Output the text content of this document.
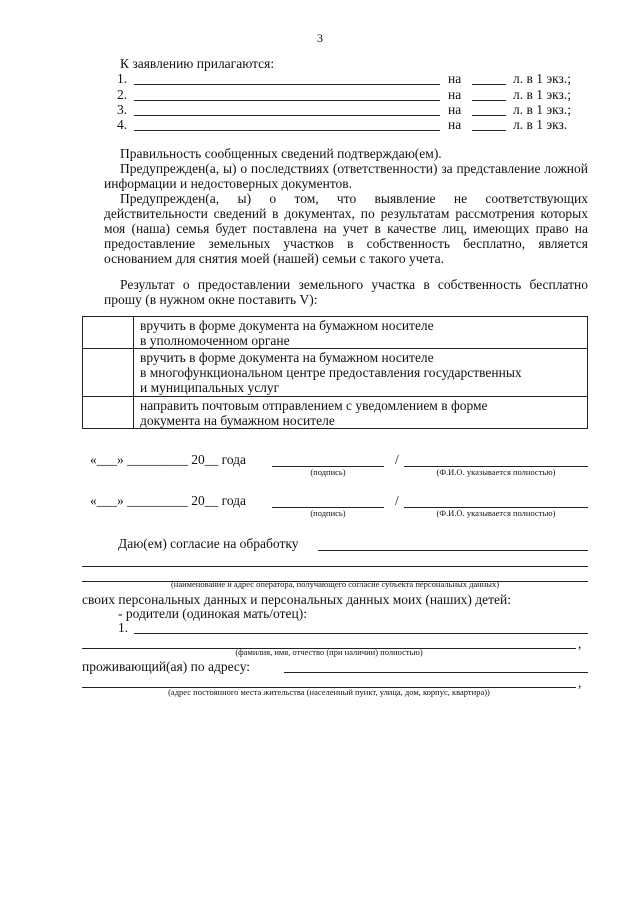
3
К заявлению прилагаются:
1.	на	л. в 1 экз.;
2.	на	л. в 1 экз.;
3.	на	л. в 1 экз.;
4.	на	л. в 1 экз.
Правильность сообщенных сведений подтверждаю(ем).
Предупрежден(а, ы) о последствиях (ответственности) за представление ложной информации и недостоверных документов.
Предупрежден(а, ы) о том, что выявление не соответствующих действительности сведений в документах, по результатам рассмотрения которых моя (наша) семья будет поставлена на учет в качестве лиц, имеющих право на предоставление земельных участков в собственность бесплатно, является основанием для снятия моей (нашей) семьи с такого учета.
Результат о предоставлении земельного участка в собственность бесплатно прошу (в нужном окне поставить V):

	вручить в форме документа на бумажном носителе
в уполномоченном органе

	вручить в форме документа на бумажном носителе
в многофункциональном центре предоставления государственных
и муниципальных услуг

	направить почтовым отправлением с уведомлением в форме
документа на бумажном носителе
«___» _________ 20__ года	/
(подпись)	(Ф.И.О. указывается полностью)
«___» _________ 20__ года	/
(подпись)	(Ф.И.О. указывается полностью)
Даю(ем) согласие на обработку
(наименование и адрес оператора, получающего согласие субъекта персональных данных)
своих персональных данных и персональных данных моих (наших) детей:
- родители (одинокая мать/отец):
1.
,
(фамилия, имя, отчество (при наличии) полностью)
проживающий(ая) по адресу:
,
(адрес постоянного места жительства (населенный пункт, улица, дом, корпус, квартира))
